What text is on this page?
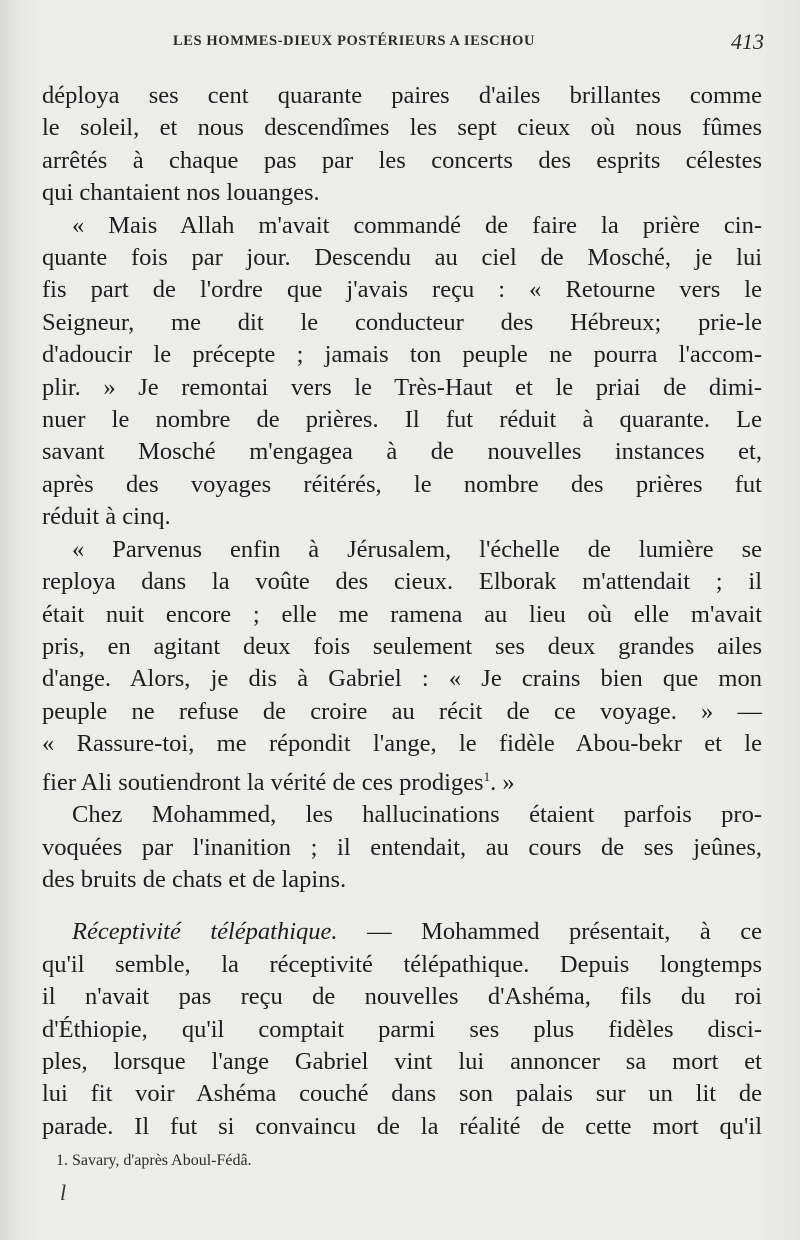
LES HOMMES-DIEUX POSTÉRIEURS A IESCHOU	413
déployа ses cent quarante paires d'ailes brillantes comme
le soleil, et nous descendîmes les sept cieux où nous fûmes
arrêtés à chaque pas par les concerts des esprits célestes
qui chantaient nos louanges.
« Mais Allah m'avait commandé de faire la prière cin-
quante fois par jour. Descendu au ciel de Mosché, je lui
fis part de l'ordre que j'avais reçu : « Retourne vers le
Seigneur, me dit le conducteur des Hébreux; prie-le
d'adoucir le précepte ; jamais ton peuple ne pourra l'accom-
plir. » Je remontai vers le Très-Haut et le priai de dimi-
nuer le nombre de prières. Il fut réduit à quarante. Le
savant Mosché m'engagea à de nouvelles instances et,
après des voyages réitérés, le nombre des prières fut
réduit à cinq.
« Parvenus enfin à Jérusalem, l'échelle de lumière se
reploya dans la voûte des cieux. Elborak m'attendait ; il
était nuit encore ; elle me ramena au lieu où elle m'avait
pris, en agitant deux fois seulement ses deux grandes ailes
d'ange. Alors, je dis à Gabriel : « Je crains bien que mon
peuple ne refuse de croire au récit de ce voyage. » —
« Rassure-toi, me répondit l'ange, le fidèle Abou-bekr et le
fier Ali soutiendront la vérité de ces prodiges$^1$. »
Chez Mohammed, les hallucinations étaient parfois pro-
voquées par l'inanition ; il entendait, au cours de ses jeûnes,
des bruits de chats et de lapins.
Réceptivité télépathique. — Mohammed présentait, à ce
qu'il semble, la réceptivité télépathique. Depuis longtemps
il n'avait pas reçu de nouvelles d'Ashéma, fils du roi
d'Éthiopie, qu'il comptait parmi ses plus fidèles disci-
ples, lorsque l'ange Gabriel vint lui annoncer sa mort et
lui fit voir Ashéma couché dans son palais sur un lit de
parade. Il fut si convaincu de la réalité de cette mort qu'il
1. Savary, d'après Aboul-Fédâ.
l
